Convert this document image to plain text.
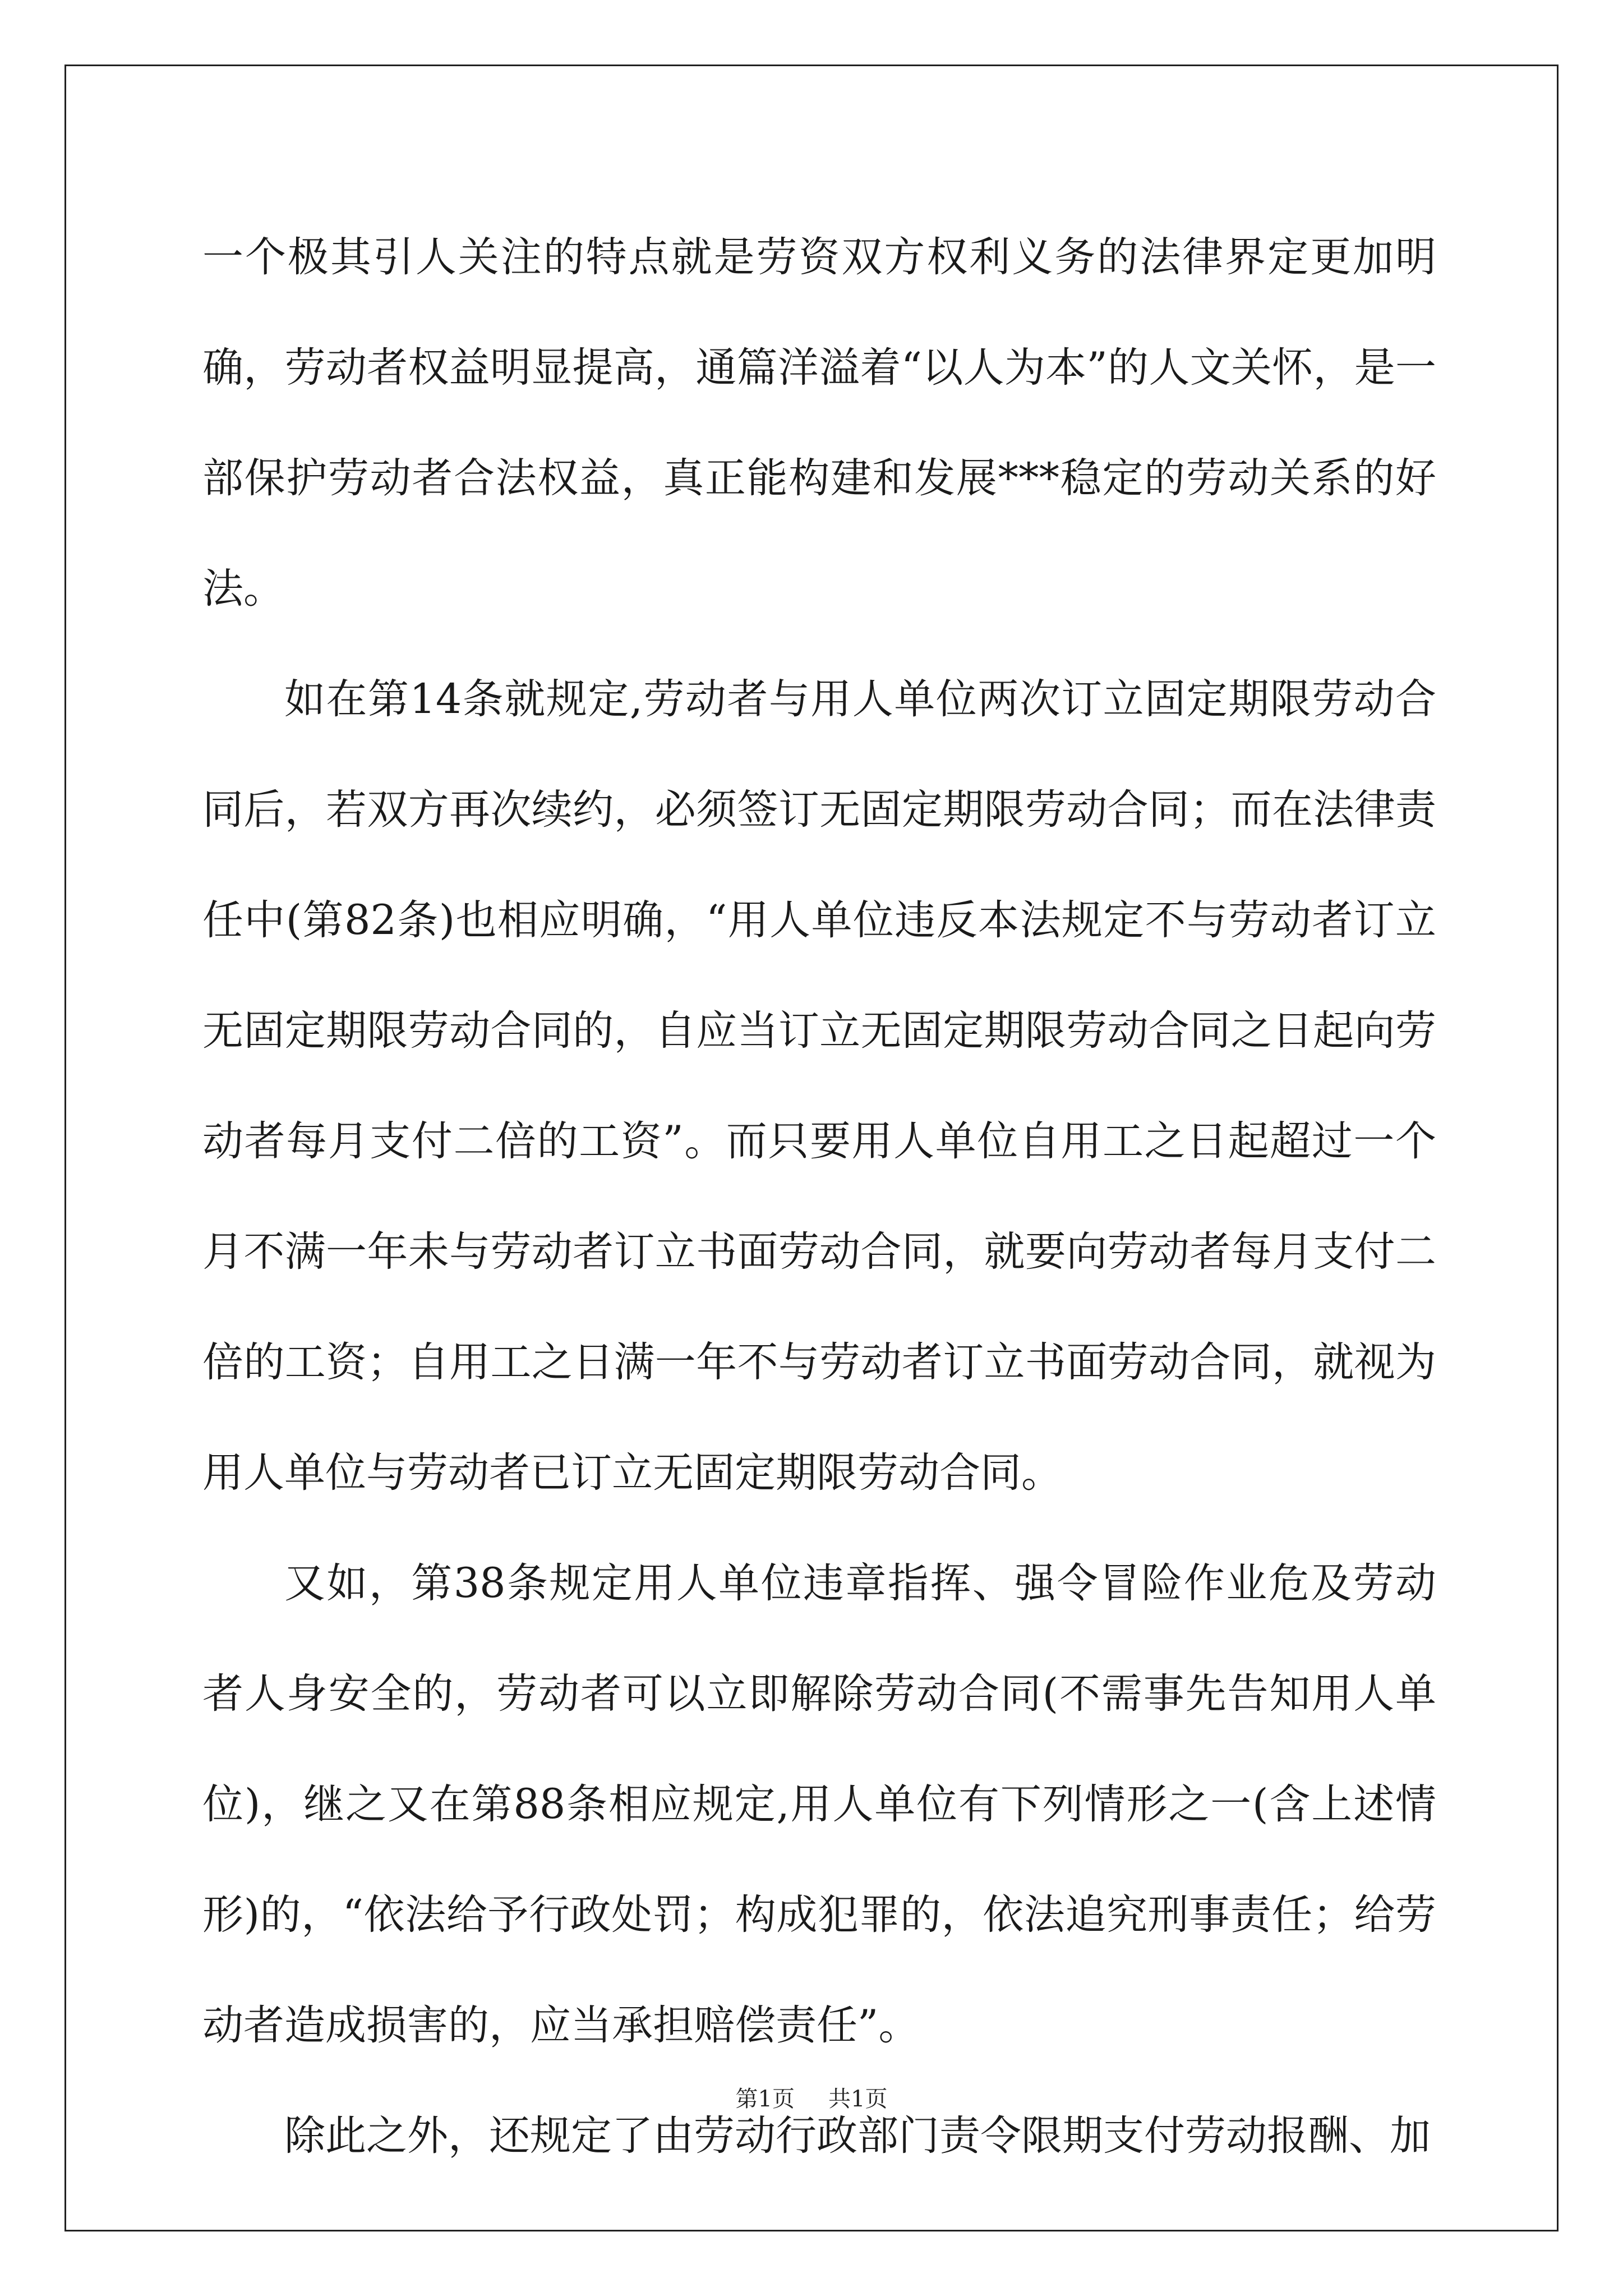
一个极其引人关注的特点就是劳资双方权利义务的法律界定更加明确，劳动者权益明显提高，通篇洋溢着“以人为本”的人文关怀，是一部保护劳动者合法权益，真正能构建和发展***稳定的劳动关系的好法。

如在第14条就规定,劳动者与用人单位两次订立固定期限劳动合同后，若双方再次续约，必须签订无固定期限劳动合同；而在法律责任中(第82条)也相应明确，“用人单位违反本法规定不与劳动者订立无固定期限劳动合同的，自应当订立无固定期限劳动合同之日起向劳动者每月支付二倍的工资”。而只要用人单位自用工之日起超过一个月不满一年未与劳动者订立书面劳动合同，就要向劳动者每月支付二倍的工资；自用工之日满一年不与劳动者订立书面劳动合同，就视为用人单位与劳动者已订立无固定期限劳动合同。

又如，第38条规定用人单位违章指挥、强令冒险作业危及劳动者人身安全的，劳动者可以立即解除劳动合同(不需事先告知用人单位)，继之又在第88条相应规定,用人单位有下列情形之一(含上述情形)的，“依法给予行政处罚；构成犯罪的，依法追究刑事责任；给劳动者造成损害的，应当承担赔偿责任”。

除此之外，还规定了由劳动行政部门责令限期支付劳动报酬、加

第1页 共1页
